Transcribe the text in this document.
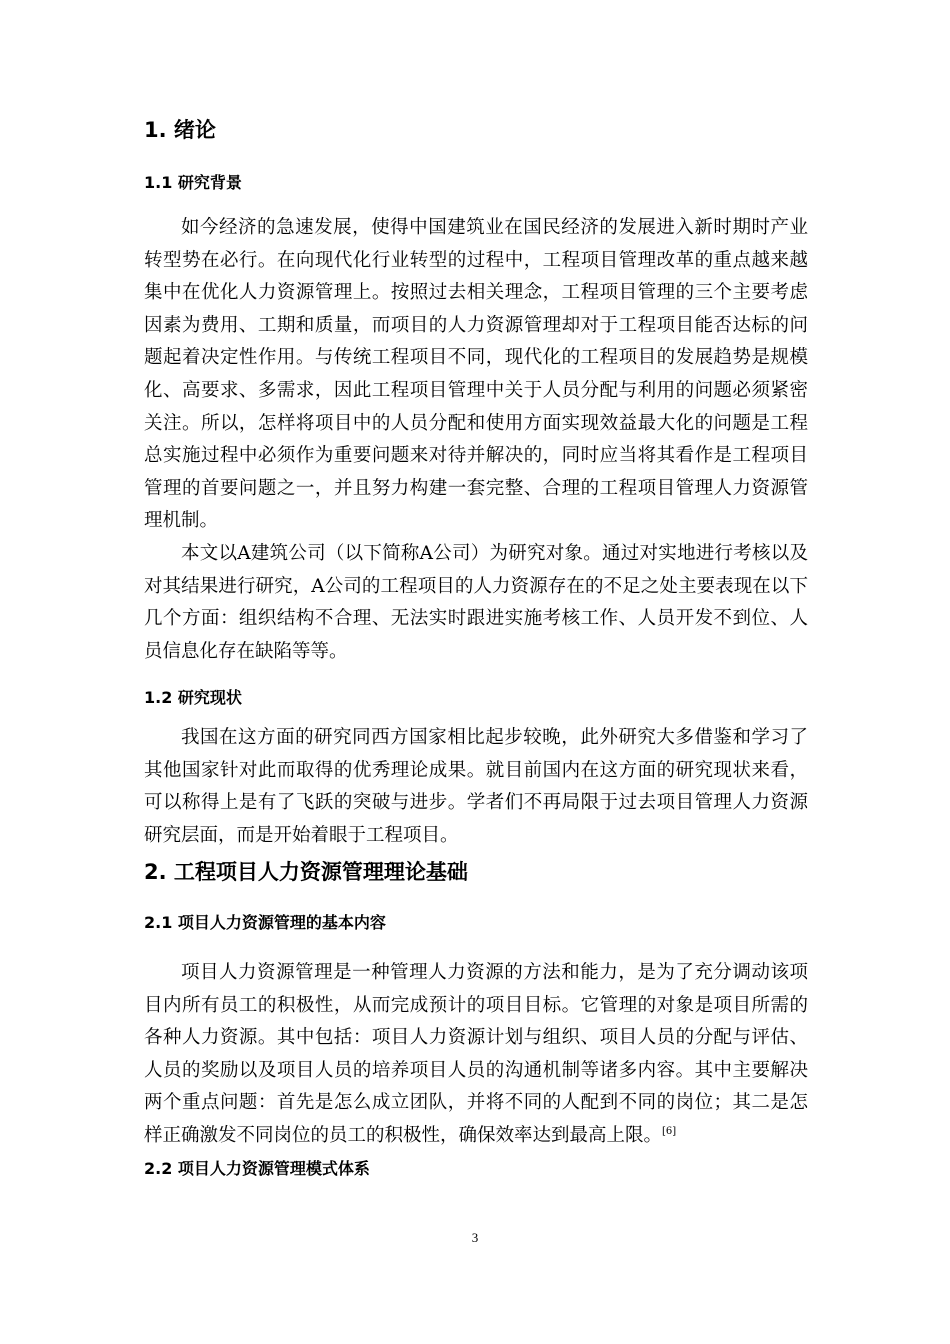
1. 绪论
1.1 研究背景

如今经济的急速发展，使得中国建筑业在国民经济的发展进入新时期时产业转型势在必行。在向现代化行业转型的过程中，工程项目管理改革的重点越来越集中在优化人力资源管理上。按照过去相关理念，工程项目管理的三个主要考虑因素为费用、工期和质量，而项目的人力资源管理却对于工程项目能否达标的问题起着决定性作用。与传统工程项目不同，现代化的工程项目的发展趋势是规模化、高要求、多需求，因此工程项目管理中关于人员分配与利用的问题必须紧密关注。所以，怎样将项目中的人员分配和使用方面实现效益最大化的问题是工程总实施过程中必须作为重要问题来对待并解决的，同时应当将其看作是工程项目管理的首要问题之一，并且努力构建一套完整、合理的工程项目管理人力资源管理机制。

本文以A建筑公司（以下简称A公司）为研究对象。通过对实地进行考核以及对其结果进行研究，A公司的工程项目的人力资源存在的不足之处主要表现在以下几个方面：组织结构不合理、无法实时跟进实施考核工作、人员开发不到位、人员信息化存在缺陷等等。

1.2 研究现状

我国在这方面的研究同西方国家相比起步较晚，此外研究大多借鉴和学习了其他国家针对此而取得的优秀理论成果。就目前国内在这方面的研究现状来看，可以称得上是有了飞跃的突破与进步。学者们不再局限于过去项目管理人力资源研究层面，而是开始着眼于工程项目。

2. 工程项目人力资源管理理论基础
2.1 项目人力资源管理的基本内容

项目人力资源管理是一种管理人力资源的方法和能力，是为了充分调动该项目内所有员工的积极性，从而完成预计的项目目标。它管理的对象是项目所需的各种人力资源。其中包括：项目人力资源计划与组织、项目人员的分配与评估、人员的奖励以及项目人员的培养项目人员的沟通机制等诸多内容。其中主要解决两个重点问题：首先是怎么成立团队，并将不同的人配到不同的岗位；其二是怎样正确激发不同岗位的员工的积极性，确保效率达到最高上限。[6]

2.2 项目人力资源管理模式体系
3
